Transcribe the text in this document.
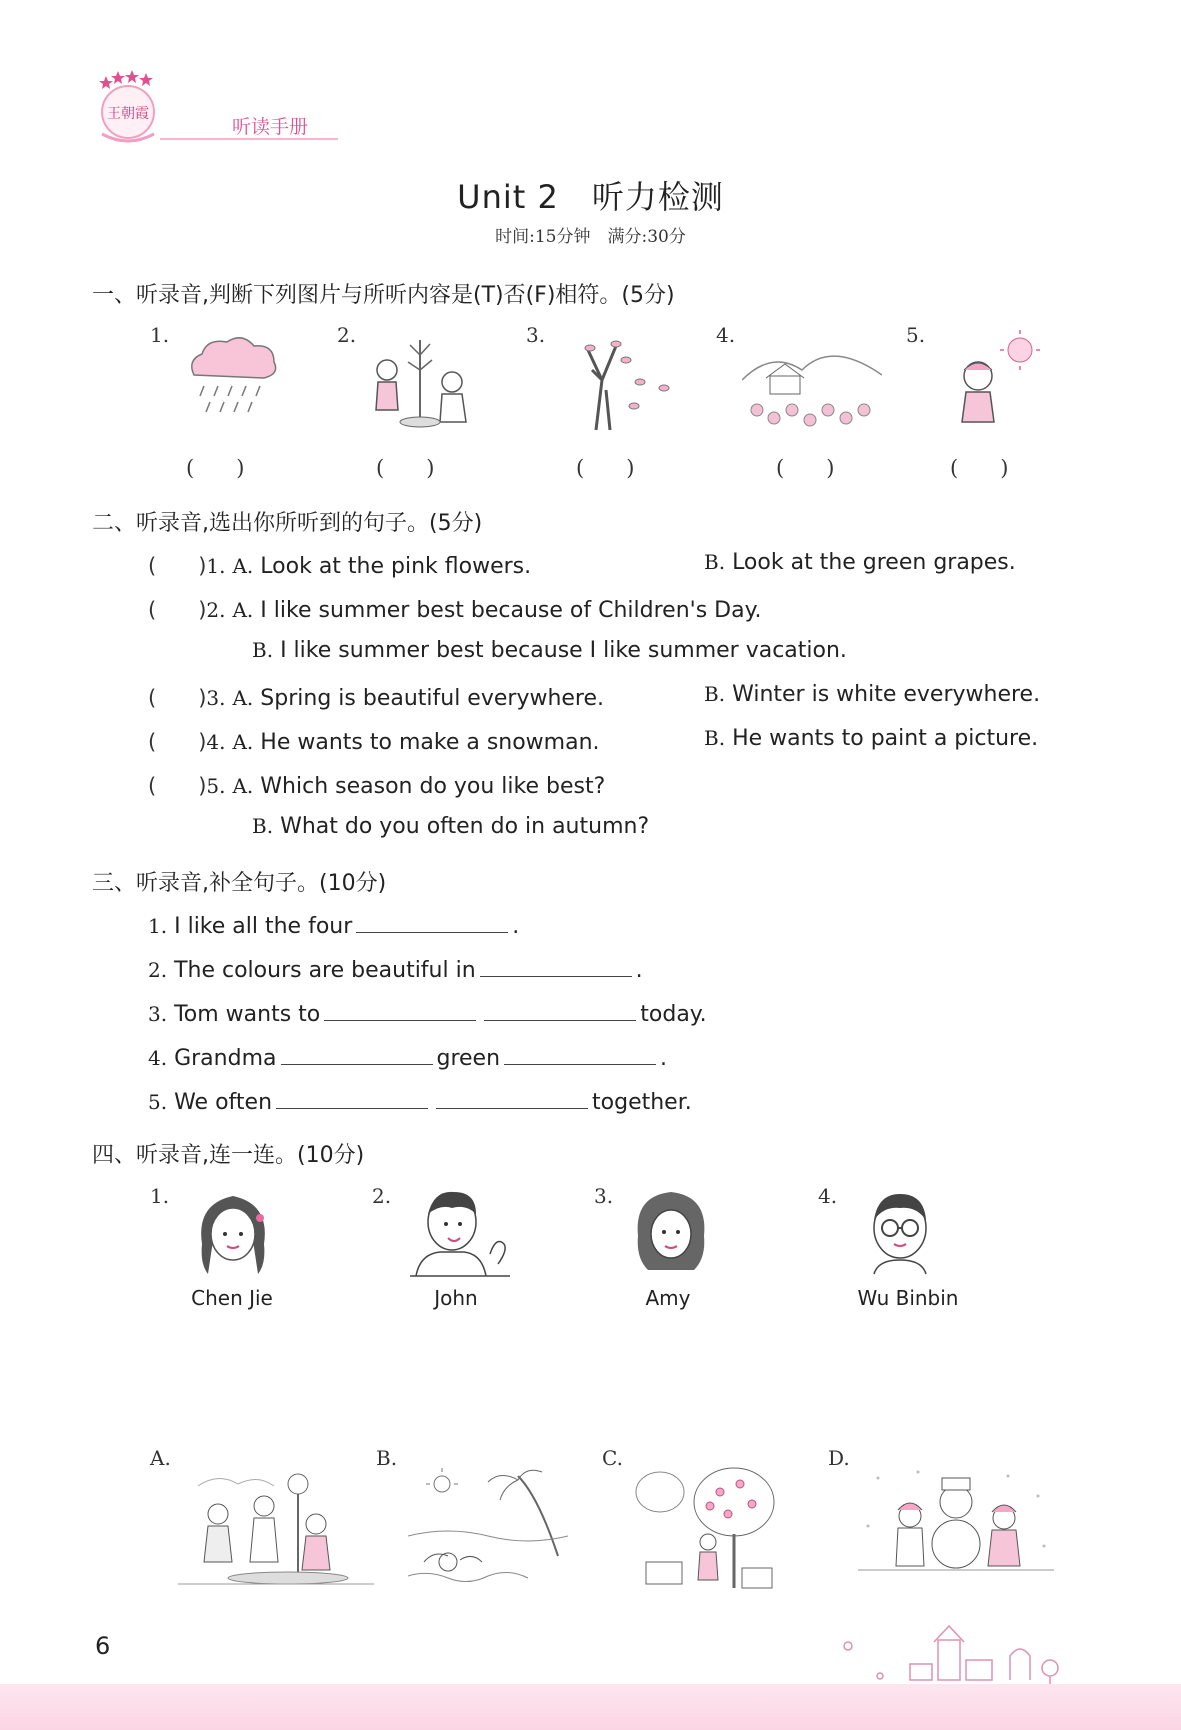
王朝霞
听读手册
Unit 2　听力检测
时间:15分钟　满分:30分
一、听录音,判断下列图片与所听内容是(T)否(F)相符。(5分)
1.
(　　)
2.
(　　)
3.
(　　)
4.
(　　)
5.
(　　)
二、听录音,选出你所听到的句子。(5分)
(　　)1. A. Look at the pink flowers.	B. Look at the green grapes.
(　　)2. A. I like summer best because of Children's Day.
B. I like summer best because I like summer vacation.
(　　)3. A. Spring is beautiful everywhere.	B. Winter is white everywhere.
(　　)4. A. He wants to make a snowman.	B. He wants to paint a picture.
(　　)5. A. Which season do you like best?
B. What do you often do in autumn?
三、听录音,补全句子。(10分)
1. I like all the four	.
2. The colours are beautiful in	.
3. Tom wants to	today.
4. Grandma	green	.
5. We often	together.
四、听录音,连一连。(10分)
1.
Chen Jie
2.
John
3.
Amy
4.
Wu Binbin
A.	B.	C.	D.
6
